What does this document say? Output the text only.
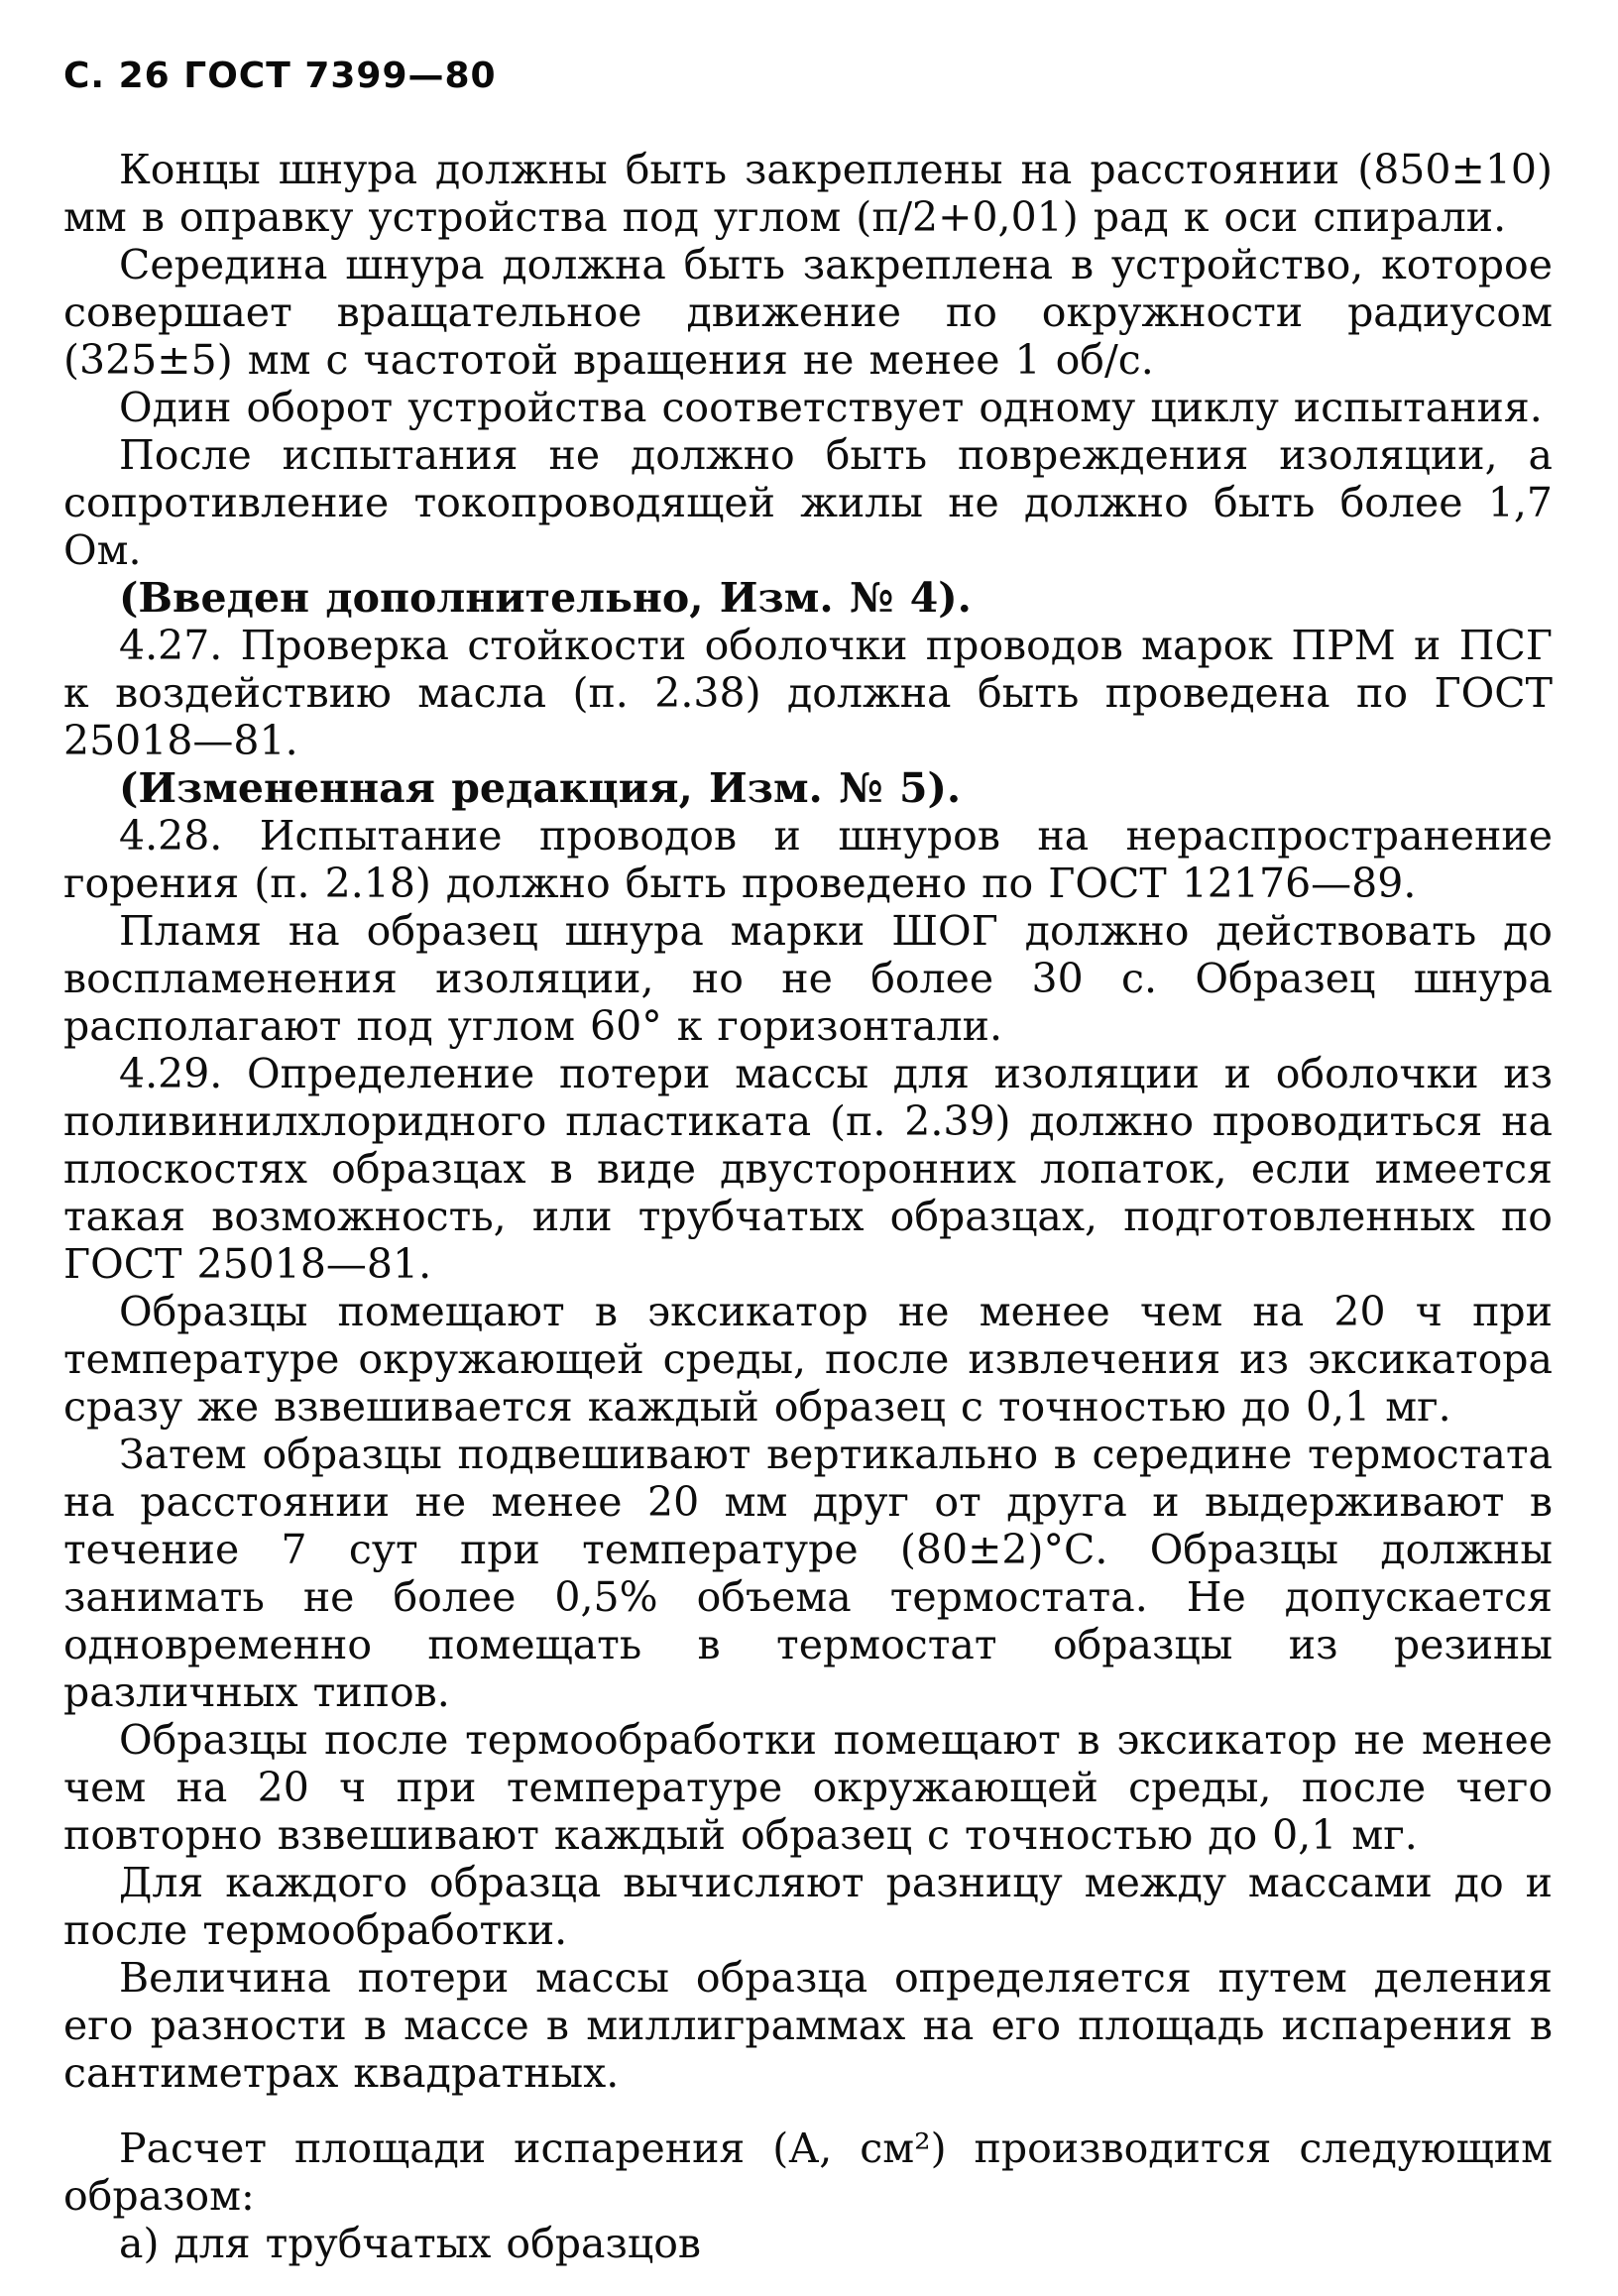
С. 26 ГОСТ 7399—80

Концы шнура должны быть закреплены на расстоянии (850±10) мм в оправку устройства под углом (π/2+0,01) рад к оси спирали.

Середина шнура должна быть закреплена в устройство, которое совершает вращательное движение по окружности радиусом (325±5) мм с частотой вращения не менее 1 об/с.

Один оборот устройства соответствует одному циклу испытания.

После испытания не должно быть повреждения изоляции, а сопротивление токопроводящей жилы не должно быть более 1,7 Ом.

(Введен дополнительно, Изм. № 4).

4.27. Проверка стойкости оболочки проводов марок ПРМ и ПСГ к воздействию масла (п. 2.38) должна быть проведена по ГОСТ 25018—81.

(Измененная редакция, Изм. № 5).

4.28. Испытание проводов и шнуров на нераспространение горения (п. 2.18) должно быть проведено по ГОСТ 12176—89.

Пламя на образец шнура марки ШОГ должно действовать до воспламенения изоляции, но не более 30 с. Образец шнура располагают под углом 60° к горизонтали.

4.29. Определение потери массы для изоляции и оболочки из поливинилхлоридного пластиката (п. 2.39) должно проводиться на плоскостях образцах в виде двусторонних лопаток, если имеется такая возможность, или трубчатых образцах, подготовленных по ГОСТ 25018—81.

Образцы помещают в эксикатор не менее чем на 20 ч при температуре окружающей среды, после извлечения из эксикатора сразу же взвешивается каждый образец с точностью до 0,1 мг.

Затем образцы подвешивают вертикально в середине термостата на расстоянии не менее 20 мм друг от друга и выдерживают в течение 7 сут при температуре (80±2)°С. Образцы должны занимать не более 0,5% объема термостата. Не допускается одновременно помещать в термостат образцы из резины различных типов.

Образцы после термообработки помещают в эксикатор не менее чем на 20 ч при температуре окружающей среды, после чего повторно взвешивают каждый образец с точностью до 0,1 мг.

Для каждого образца вычисляют разницу между массами до и после термообработки.

Величина потери массы образца определяется путем деления его разности в массе в миллиграммах на его площадь испарения в сантиметрах квадратных.

Расчет площади испарения (А, см²) производится следующим образом:

а) для трубчатых образцов
